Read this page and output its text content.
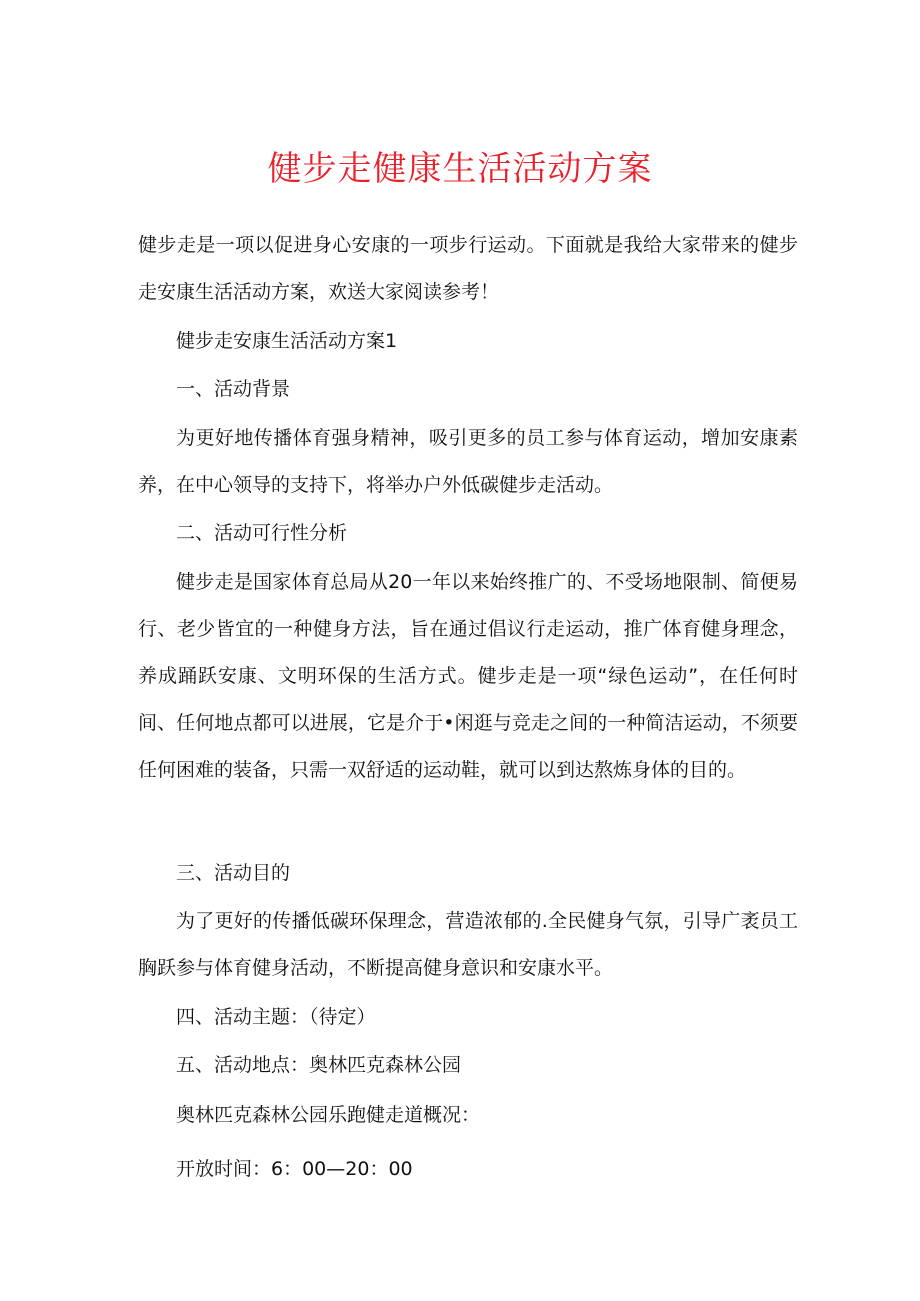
健步走健康生活活动方案

健步走是一项以促进身心安康的一项步行运动。下面就是我给大家带来的健步走安康生活活动方案，欢送大家阅读参考！

健步走安康生活活动方案1

一、活动背景

为更好地传播体育强身精神，吸引更多的员工参与体育运动，增加安康素养，在中心领导的支持下，将举办户外低碳健步走活动。

二、活动可行性分析

健步走是国家体育总局从20一年以来始终推广的、不受场地限制、简便易行、老少皆宜的一种健身方法，旨在通过倡议行走运动，推广体育健身理念，养成踊跃安康、文明环保的生活方式。健步走是一项“绿色运动”，在任何时间、任何地点都可以进展，它是介于•闲逛与竞走之间的一种简洁运动，不须要任何困难的装备，只需一双舒适的运动鞋，就可以到达熬炼身体的目的。

三、活动目的

为了更好的传播低碳环保理念，营造浓郁的.全民健身气氛，引导广袤员工胸跃参与体育健身活动，不断提高健身意识和安康水平。

四、活动主题：（待定）

五、活动地点：奥林匹克森林公园

奥林匹克森林公园乐跑健走道概况：

开放时间：6：00—20：00
